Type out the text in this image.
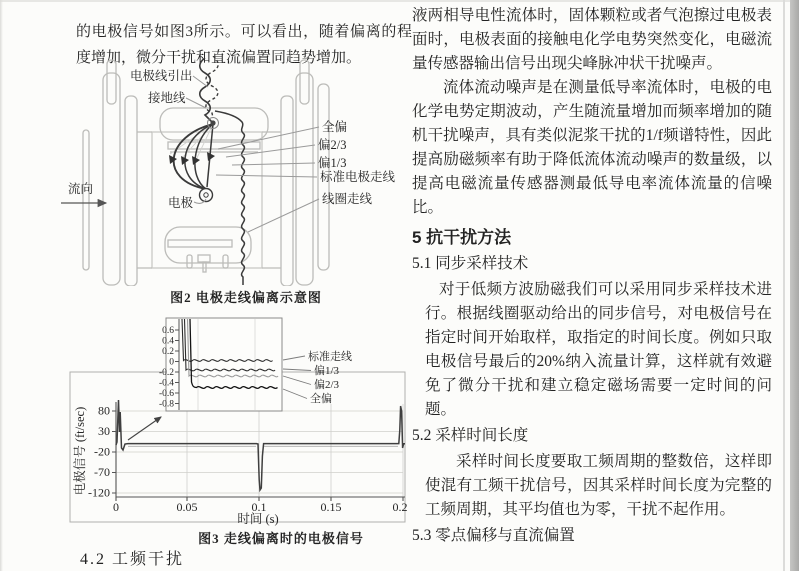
的电极信号如图3所示。可以看出，随着偏离的程度增加，微分干扰和直流偏置同趋势增加。

电极线引出
接地线
全偏
偏2/3
偏1/3
标准电极走线
线圈走线
流向
电极
图2 电极走线偏离示意图
0.6
0.4
0.2
0
-0.2
-0.4
-0.6
-0.8
标准走线
偏1/3
偏2/3
全偏
80
30
-20
-70
-120
0	0.05	0.1	0.15	0.2
电极信号 (ft/sec)
时间 (s)
图3 走线偏离时的电极信号
4.2 工频干扰

液两相导电性流体时，固体颗粒或者气泡擦过电极表面时，电极表面的接触电化学电势突然变化，电磁流量传感器输出信号出现尖峰脉冲状干扰噪声。

流体流动噪声是在测量低导率流体时，电极的电化学电势定期波动，产生随流量增加而频率增加的随机干扰噪声，具有类似泥浆干扰的1/f频谱特性，因此提高励磁频率有助于降低流体流动噪声的数量级，以提高电磁流量传感器测最低导电率流体流量的信噪比。

5 抗干扰方法
5.1 同步采样技术

对于低频方波励磁我们可以采用同步采样技术进行。根据线圈驱动给出的同步信号，对电极信号在指定时间开始取样，取指定的时间长度。例如只取电极信号最后的20%纳入流量计算，这样就有效避免了微分干扰和建立稳定磁场需要一定时间的问题。

5.2 采样时间长度

采样时间长度要取工频周期的整数倍，这样即使混有工频干扰信号，因其采样时间长度为完整的工频周期，其平均值也为零，干扰不起作用。

5.3 零点偏移与直流偏置
